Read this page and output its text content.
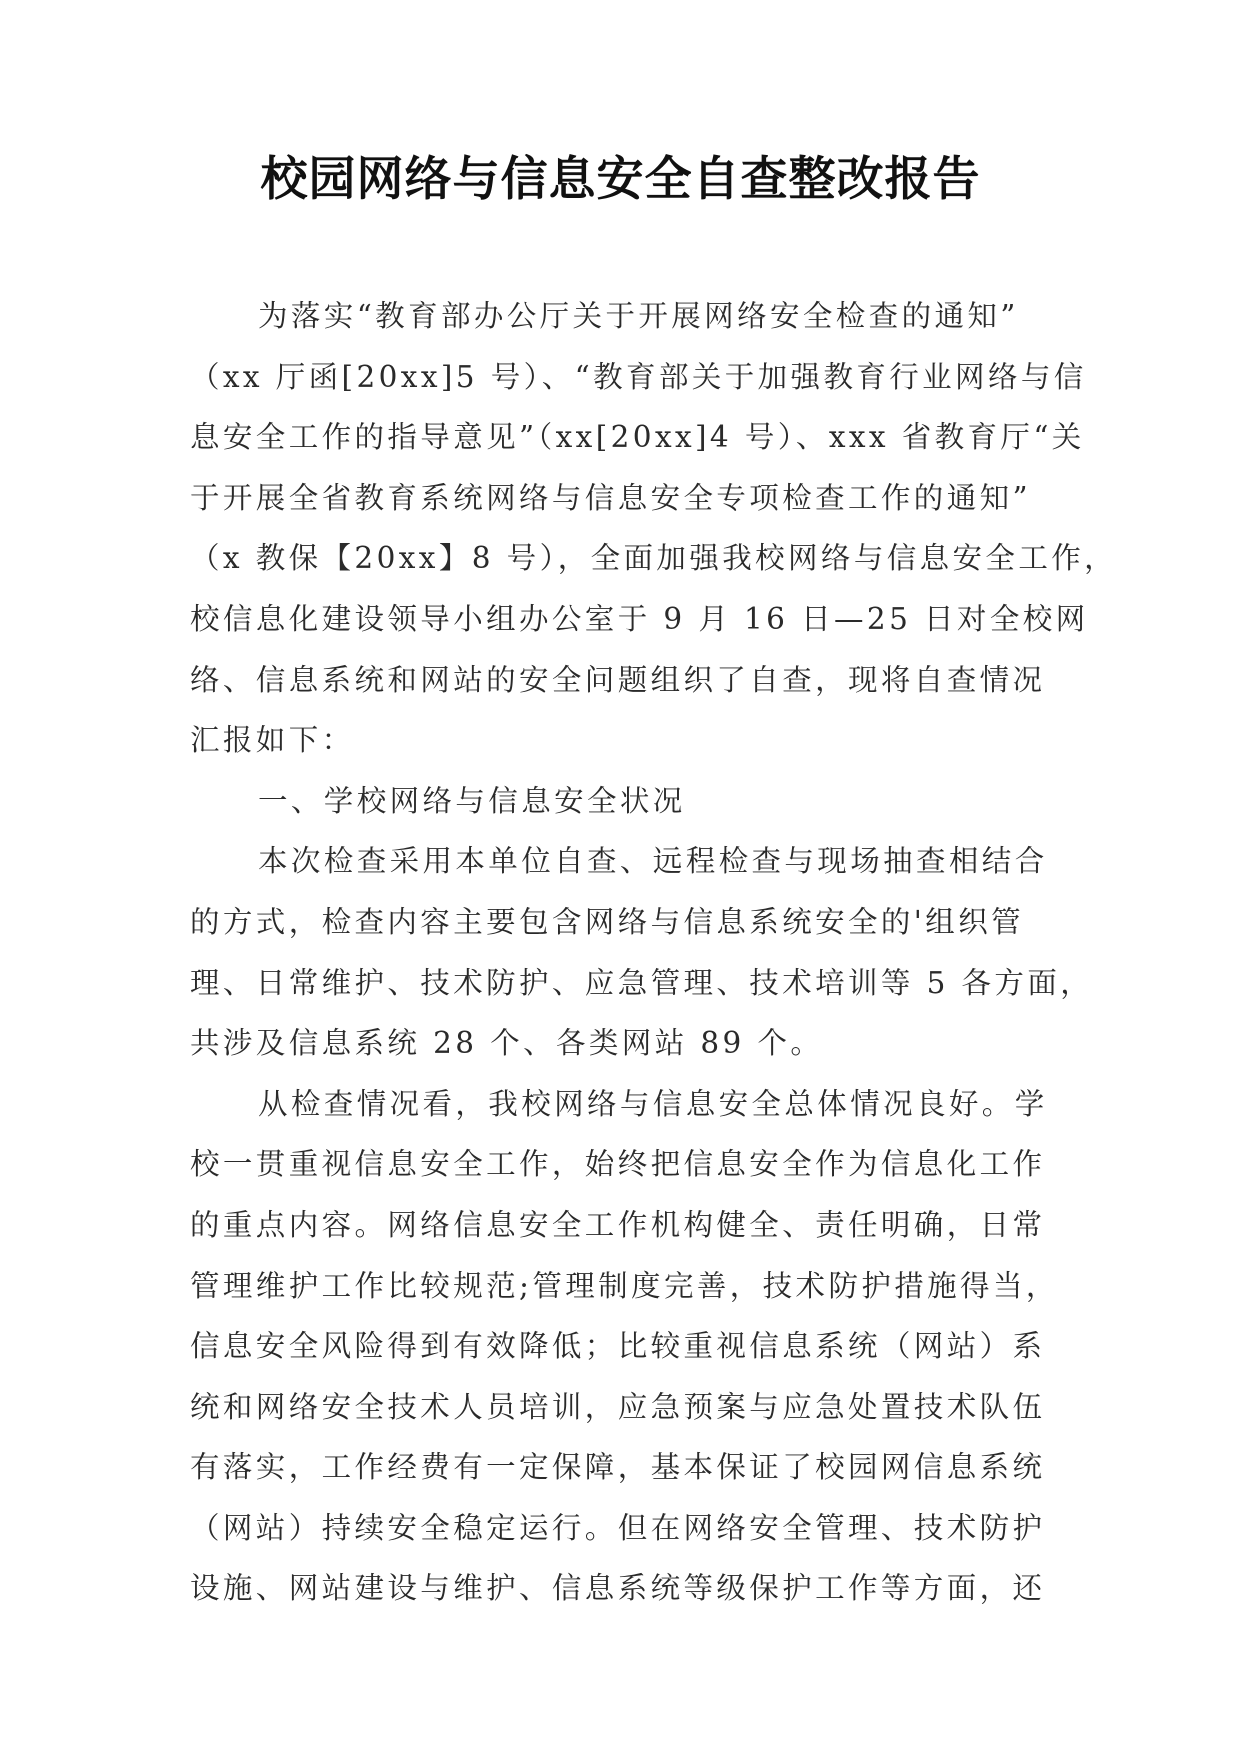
校园网络与信息安全自查整改报告
为落实“教育部办公厅关于开展网络安全检查的通知”
（xx 厅函[20xx]5 号）、“教育部关于加强教育行业网络与信
息安全工作的指导意见”（xx[20xx]4 号）、xxx 省教育厅“关
于开展全省教育系统网络与信息安全专项检查工作的通知”
（x 教保【20xx】8 号），全面加强我校网络与信息安全工作，
校信息化建设领导小组办公室于 9 月 16 日—25 日对全校网
络、信息系统和网站的安全问题组织了自查，现将自查情况
汇报如下：
一、学校网络与信息安全状况
本次检查采用本单位自查、远程检查与现场抽查相结合
的方式，检查内容主要包含网络与信息系统安全的'组织管
理、日常维护、技术防护、应急管理、技术培训等 5 各方面，
共涉及信息系统 28 个、各类网站 89 个。
从检查情况看，我校网络与信息安全总体情况良好。学
校一贯重视信息安全工作，始终把信息安全作为信息化工作
的重点内容。网络信息安全工作机构健全、责任明确，日常
管理维护工作比较规范;管理制度完善，技术防护措施得当，
信息安全风险得到有效降低；比较重视信息系统（网站）系
统和网络安全技术人员培训，应急预案与应急处置技术队伍
有落实，工作经费有一定保障，基本保证了校园网信息系统
（网站）持续安全稳定运行。但在网络安全管理、技术防护
设施、网站建设与维护、信息系统等级保护工作等方面，还
